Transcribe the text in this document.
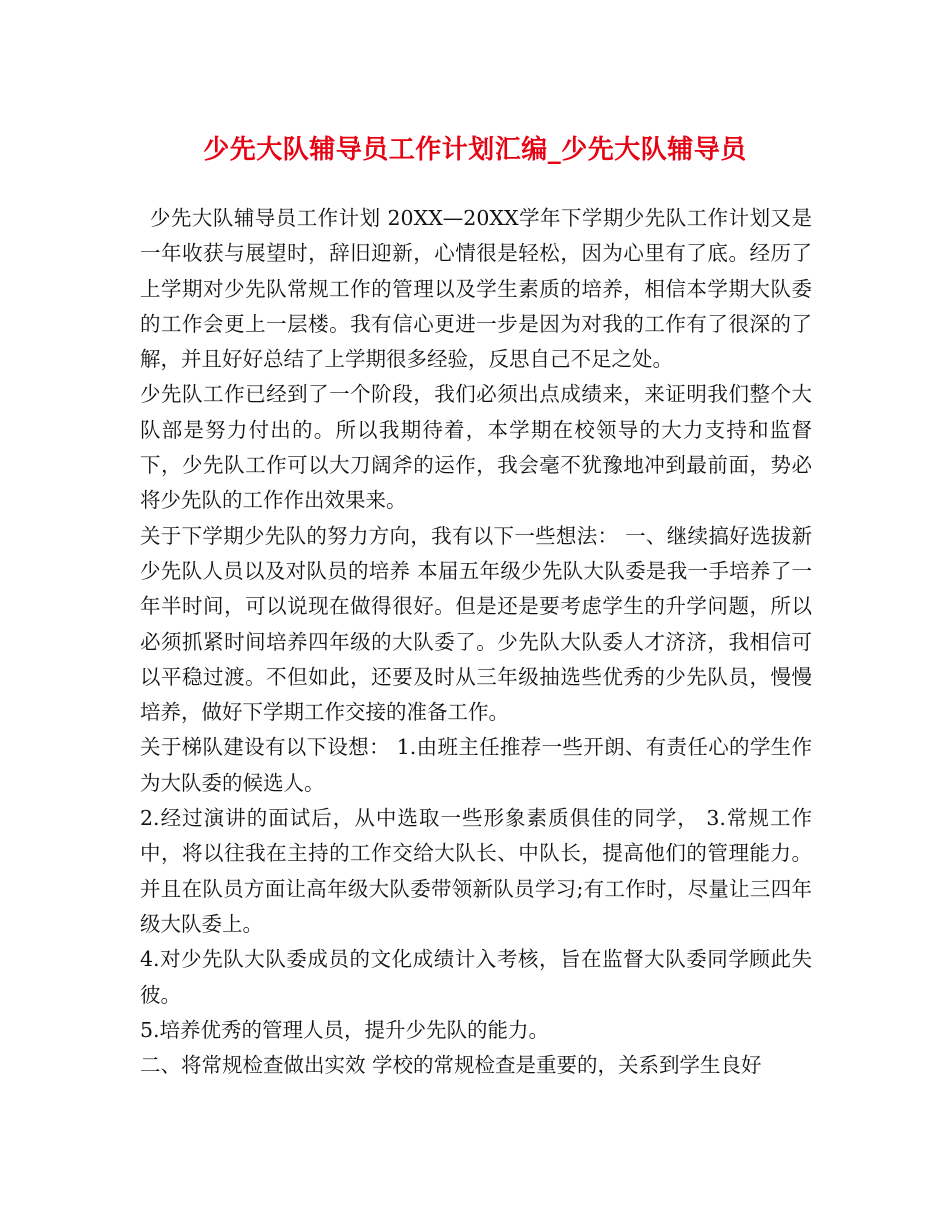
少先大队辅导员工作计划汇编_少先大队辅导员

少先大队辅导员工作计划 20XX—20XX学年下学期少先队工作计划又是一年收获与展望时，辞旧迎新，心情很是轻松，因为心里有了底。经历了上学期对少先队常规工作的管理以及学生素质的培养，相信本学期大队委的工作会更上一层楼。我有信心更进一步是因为对我的工作有了很深的了解，并且好好总结了上学期很多经验，反思自己不足之处。

少先队工作已经到了一个阶段，我们必须出点成绩来，来证明我们整个大队部是努力付出的。所以我期待着，本学期在校领导的大力支持和监督下，少先队工作可以大刀阔斧的运作，我会毫不犹豫地冲到最前面，势必将少先队的工作作出效果来。

关于下学期少先队的努力方向，我有以下一些想法： 一、继续搞好选拔新少先队人员以及对队员的培养 本届五年级少先队大队委是我一手培养了一年半时间，可以说现在做得很好。但是还是要考虑学生的升学问题，所以必须抓紧时间培养四年级的大队委了。少先队大队委人才济济，我相信可以平稳过渡。不但如此，还要及时从三年级抽选些优秀的少先队员，慢慢培养，做好下学期工作交接的准备工作。

关于梯队建设有以下设想： 1.由班主任推荐一些开朗、有责任心的学生作为大队委的候选人。

2.经过演讲的面试后，从中选取一些形象素质俱佳的同学， 3.常规工作中，将以往我在主持的工作交给大队长、中队长，提高他们的管理能力。并且在队员方面让高年级大队委带领新队员学习;有工作时，尽量让三四年级大队委上。

4.对少先队大队委成员的文化成绩计入考核，旨在监督大队委同学顾此失彼。

5.培养优秀的管理人员，提升少先队的能力。

二、将常规检查做出实效 学校的常规检查是重要的，关系到学生良好
